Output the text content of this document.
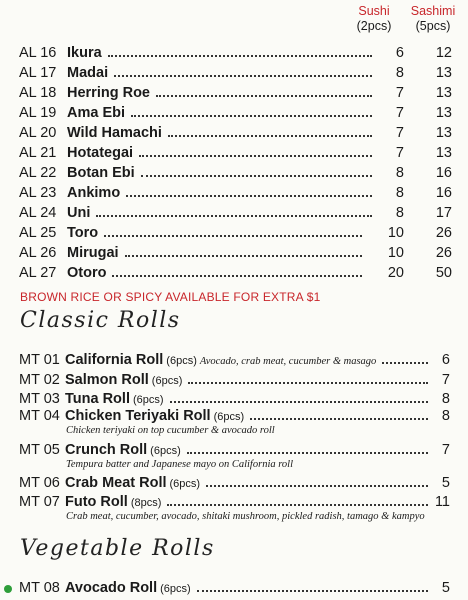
Sushi
(2pcs)
Sashimi
(5pcs)
AL 16 Ikura	6	12
AL 17 Madai	8	13
AL 18 Herring Roe	7	13
AL 19 Ama Ebi	7	13
AL 20 Wild Hamachi	7	13
AL 21 Hotategai	7	13
AL 22 Botan Ebi	8	16
AL 23 Ankimo	8	16
AL 24 Uni	8	17
AL 25 Toro	10	26
AL 26 Mirugai	10	26
AL 27 Otoro	20	50
BROWN RICE OR SPICY AVAILABLE FOR EXTRA $1
Classic Rolls
MT 01 California Roll (6pcs) Avocado, crab meat, cucumber & masago	6
MT 02 Salmon Roll (6pcs)	7
MT 03 Tuna Roll (6pcs)	8
MT 04 Chicken Teriyaki Roll (6pcs)	8
Chicken teriyaki on top cucumber & avocado roll
MT 05 Crunch Roll (6pcs)	7
Tempura batter and Japanese mayo on California roll
MT 06 Crab Meat Roll (6pcs)	5
MT 07 Futo Roll (8pcs)	11
Crab meat, cucumber, avocado, shitaki mushroom, pickled radish, tamago & kampyo
Vegetable Rolls
MT 08 Avocado Roll (6pcs)	5
